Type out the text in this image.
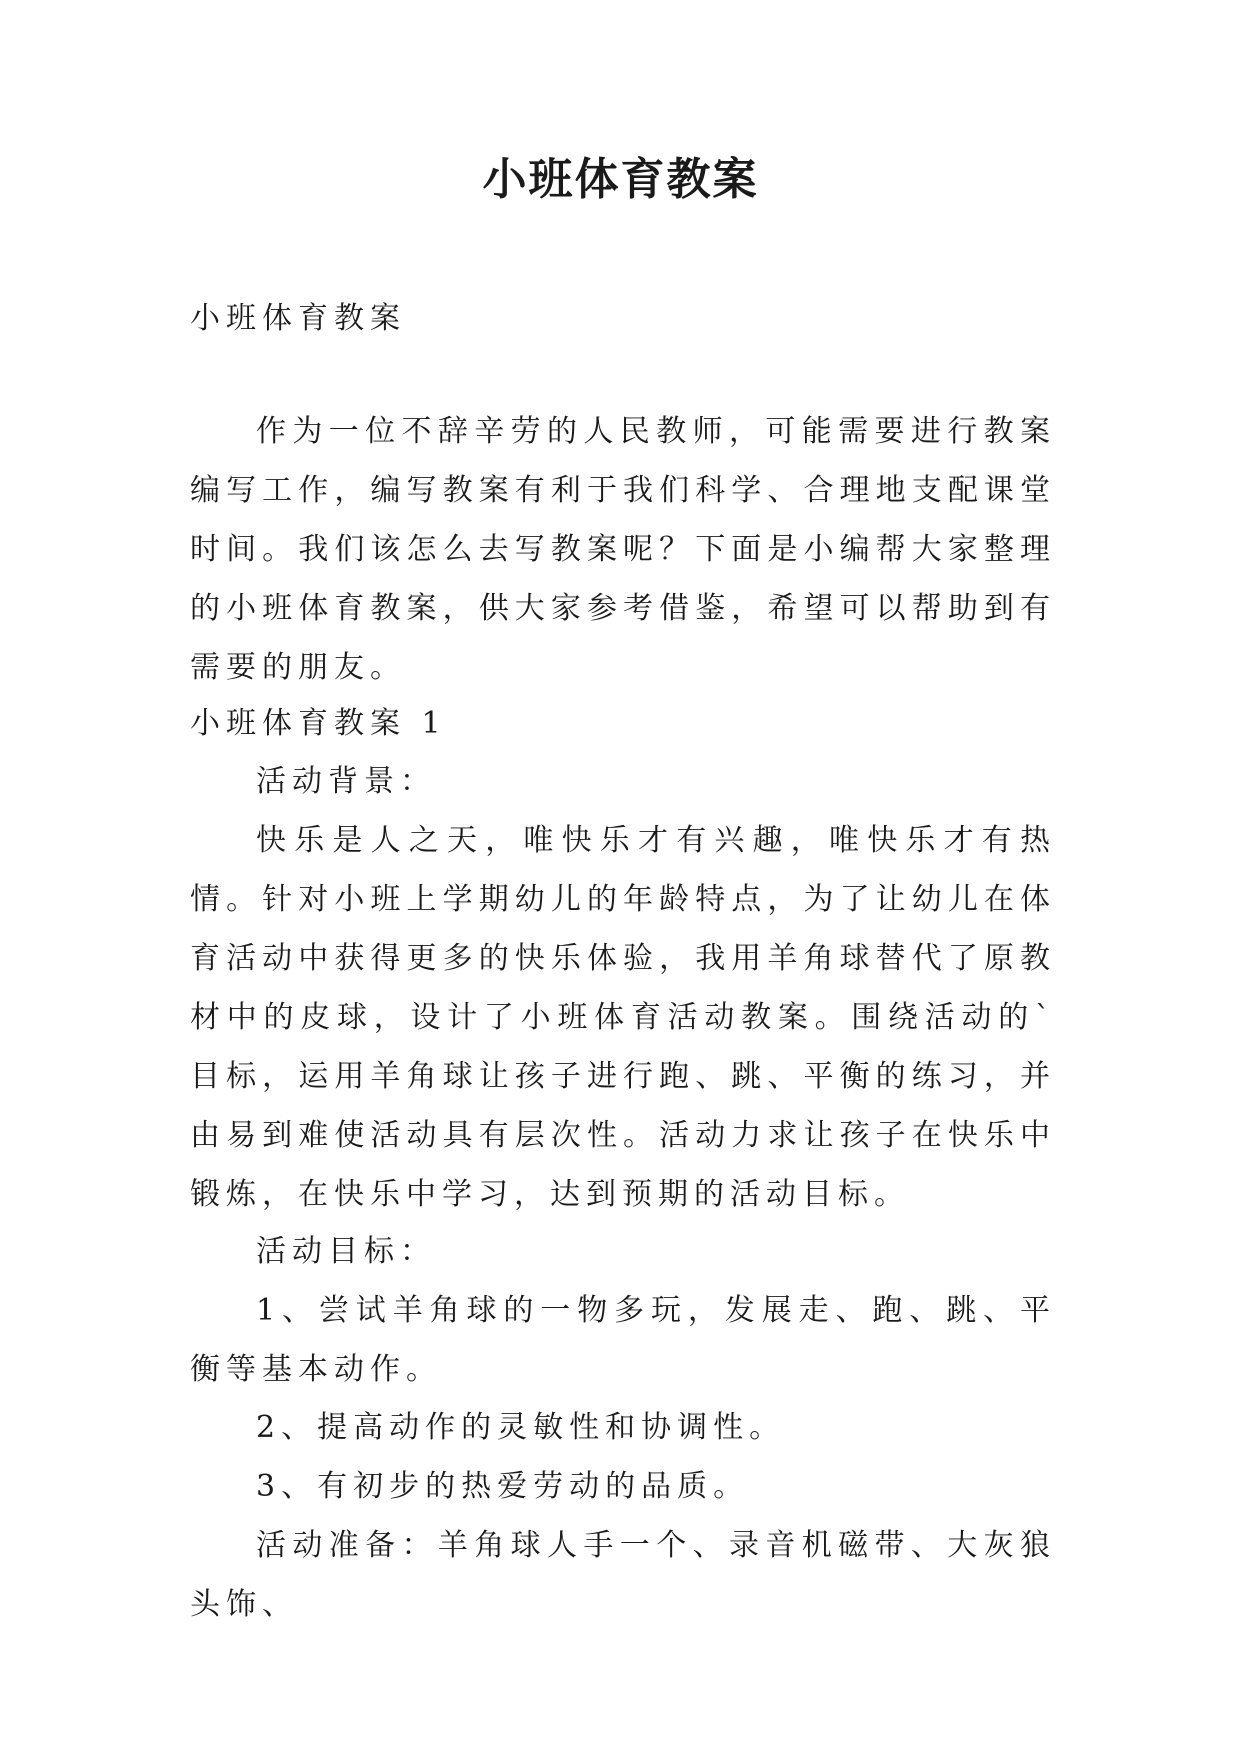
小班体育教案

小班体育教案

作为一位不辞辛劳的人民教师，可能需要进行教案编写工作，编写教案有利于我们科学、合理地支配课堂时间。我们该怎么去写教案呢？下面是小编帮大家整理的小班体育教案，供大家参考借鉴，希望可以帮助到有需要的朋友。

小班体育教案 1

活动背景：

快乐是人之天，唯快乐才有兴趣，唯快乐才有热情。针对小班上学期幼儿的年龄特点，为了让幼儿在体育活动中获得更多的快乐体验，我用羊角球替代了原教材中的皮球，设计了小班体育活动教案。围绕活动的`目标，运用羊角球让孩子进行跑、跳、平衡的练习，并由易到难使活动具有层次性。活动力求让孩子在快乐中锻炼，在快乐中学习，达到预期的活动目标。

活动目标：

1、尝试羊角球的一物多玩，发展走、跑、跳、平衡等基本动作。

2、提高动作的灵敏性和协调性。

3、有初步的热爱劳动的品质。

活动准备：羊角球人手一个、录音机磁带、大灰狼头饰、
